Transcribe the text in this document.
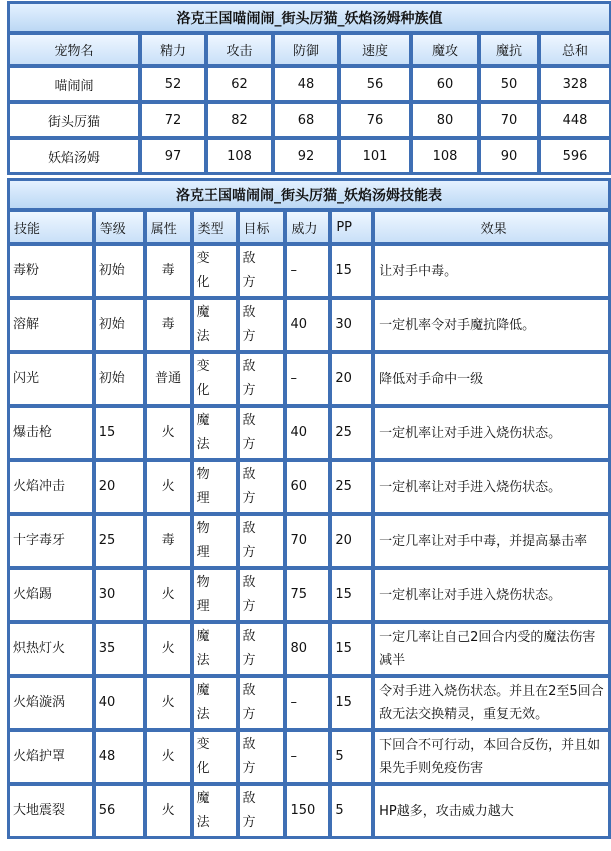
洛克王国喵闹闹_街头厉猫_妖焰汤姆种族值							
宠物名	精力	攻击	防御	速度	魔攻	魔抗	总和
喵闹闹	52	62	48	56	60	50	328
街头厉猫	72	82	68	76	80	70	448
妖焰汤姆	97	108	92	101	108	90	596
洛克王国喵闹闹_街头厉猫_妖焰汤姆技能表							
技能	等级	属性	类型	目标	威力	PP	效果
毒粉	初始	毒	变化	敌方	–	15	让对手中毒。
溶解	初始	毒	魔法	敌方	40	30	一定机率令对手魔抗降低。
闪光	初始	普通	变化	敌方	–	20	降低对手命中一级
爆击枪	15	火	魔法	敌方	40	25	一定机率让对手进入烧伤状态。
火焰冲击	20	火	物理	敌方	60	25	一定机率让对手进入烧伤状态。
十字毒牙	25	毒	物理	敌方	70	20	一定几率让对手中毒，并提高暴击率
火焰踢	30	火	物理	敌方	75	15	一定机率让对手进入烧伤状态。
炽热灯火	35	火	魔法	敌方	80	15	一定几率让自己2回合内受的魔法伤害减半
火焰漩涡	40	火	魔法	敌方	–	15	令对手进入烧伤状态。并且在2至5回合敌无法交换精灵，重复无效。
火焰护罩	48	火	变化	敌方	–	5	下回合不可行动，本回合反伤，并且如果先手则免疫伤害
大地震裂	56	火	魔法	敌方	150	5	HP越多，攻击威力越大
